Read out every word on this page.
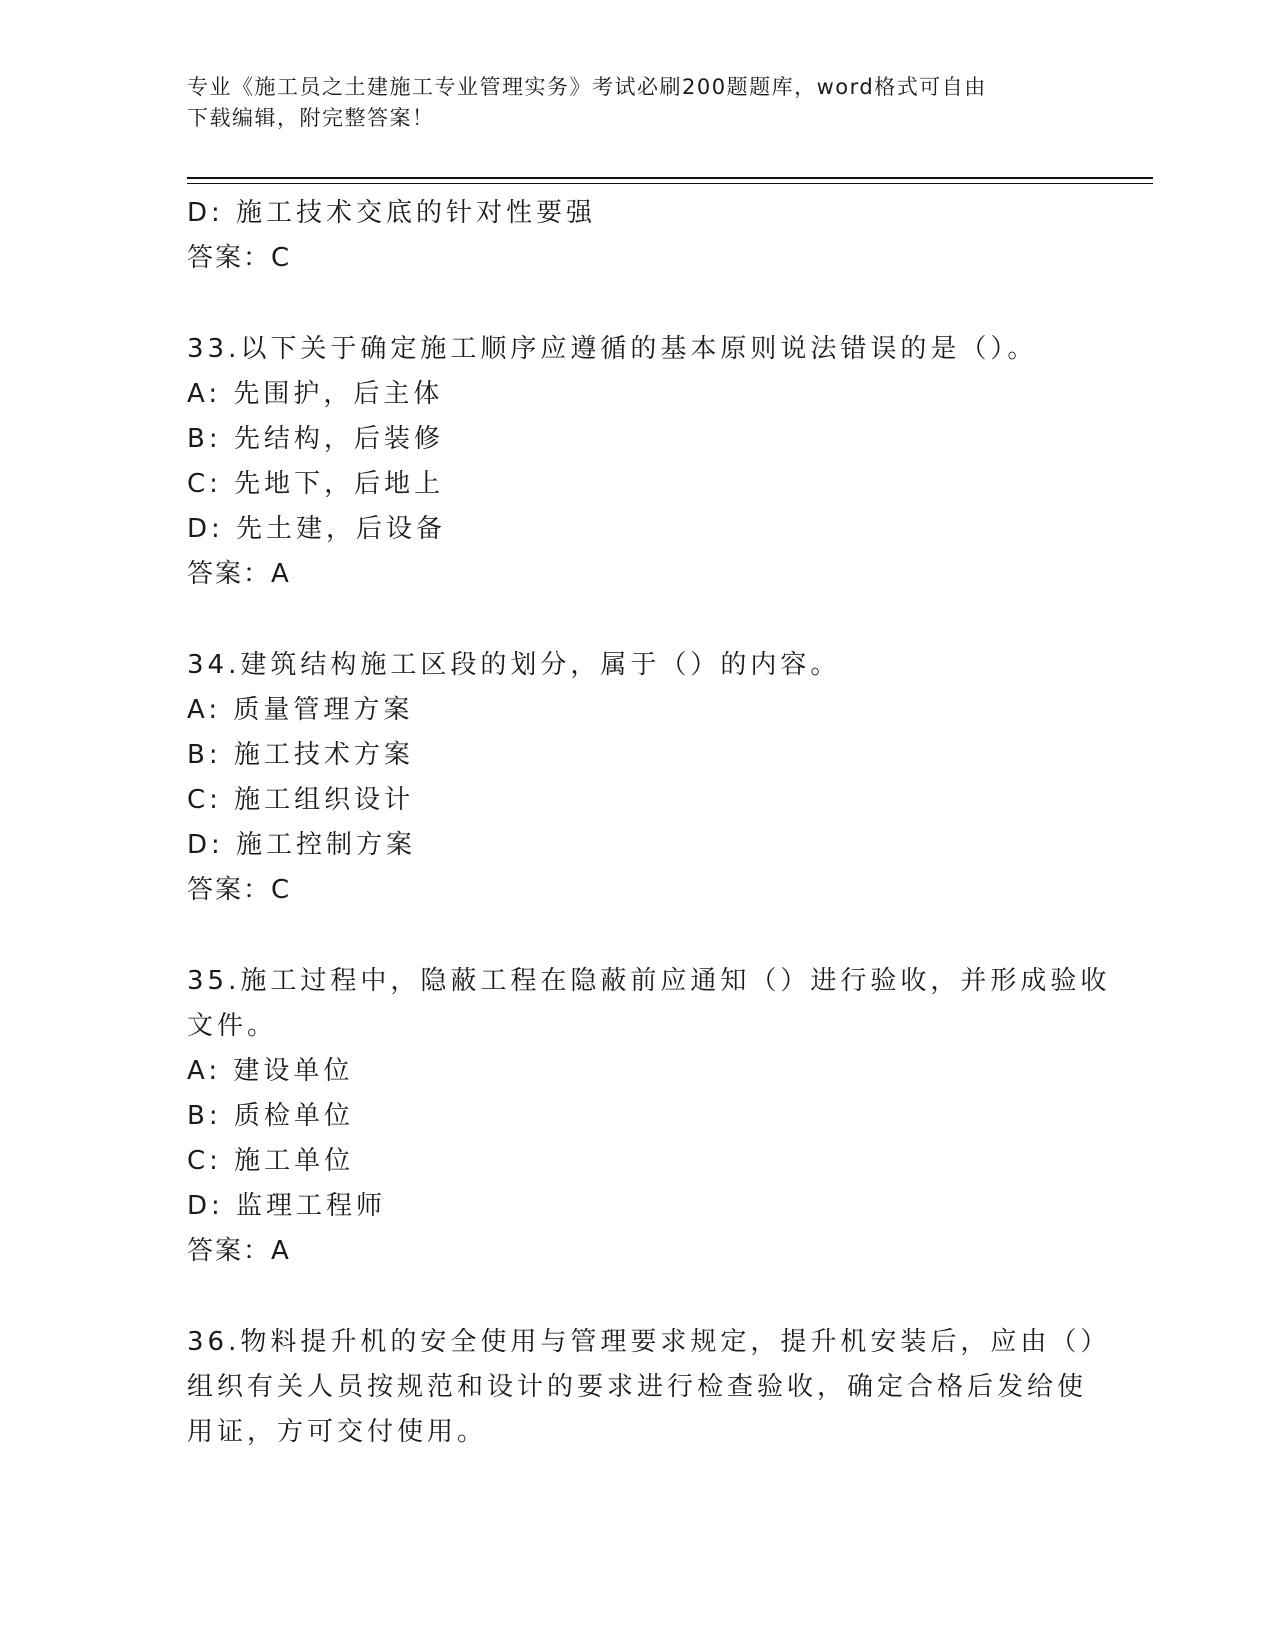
专业《施工员之土建施工专业管理实务》考试必刷200题题库，word格式可自由
下载编辑，附完整答案！
D: 施工技术交底的针对性要强
答案：C
33.以下关于确定施工顺序应遵循的基本原则说法错误的是（）。
A: 先围护，后主体
B: 先结构，后装修
C: 先地下，后地上
D: 先土建，后设备
答案：A
34.建筑结构施工区段的划分，属于（）的内容。
A: 质量管理方案
B: 施工技术方案
C: 施工组织设计
D: 施工控制方案
答案：C
35.施工过程中，隐蔽工程在隐蔽前应通知（）进行验收，并形成验收
文件。
A: 建设单位
B: 质检单位
C: 施工单位
D: 监理工程师
答案：A
36.物料提升机的安全使用与管理要求规定，提升机安装后，应由（）
组织有关人员按规范和设计的要求进行检查验收，确定合格后发给使
用证，方可交付使用。
